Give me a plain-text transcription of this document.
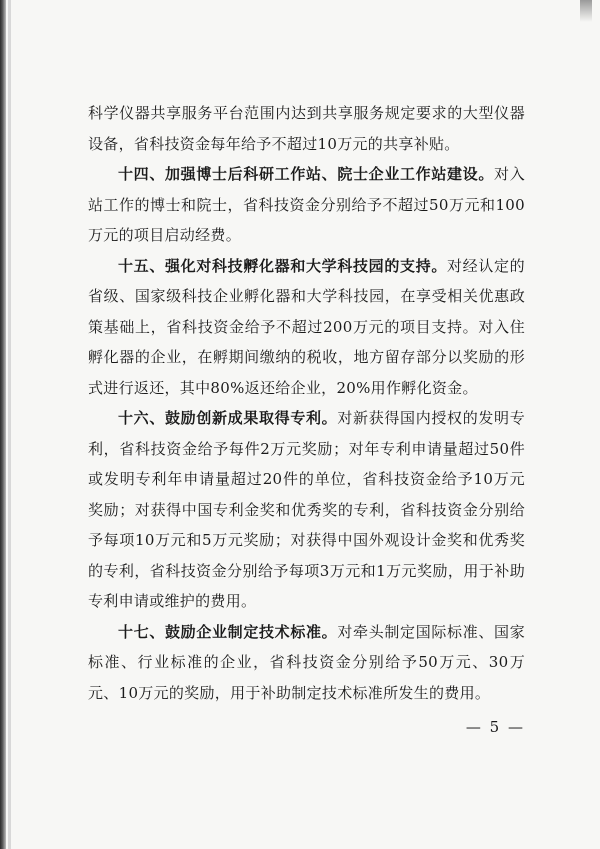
科学仪器共享服务平台范围内达到共享服务规定要求的大型仪器设备，省科技资金每年给予不超过10万元的共享补贴。

十四、加强博士后科研工作站、院士企业工作站建设。对入站工作的博士和院士，省科技资金分别给予不超过50万元和100万元的项目启动经费。

十五、强化对科技孵化器和大学科技园的支持。对经认定的省级、国家级科技企业孵化器和大学科技园，在享受相关优惠政策基础上，省科技资金给予不超过200万元的项目支持。对入住孵化器的企业，在孵期间缴纳的税收，地方留存部分以奖励的形式进行返还，其中80%返还给企业，20%用作孵化资金。

十六、鼓励创新成果取得专利。对新获得国内授权的发明专利，省科技资金给予每件2万元奖励；对年专利申请量超过50件或发明专利年申请量超过20件的单位，省科技资金给予10万元奖励；对获得中国专利金奖和优秀奖的专利，省科技资金分别给予每项10万元和5万元奖励；对获得中国外观设计金奖和优秀奖的专利，省科技资金分别给予每项3万元和1万元奖励，用于补助专利申请或维护的费用。

十七、鼓励企业制定技术标准。对牵头制定国际标准、国家标准、行业标准的企业，省科技资金分别给予50万元、30万元、10万元的奖励，用于补助制定技术标准所发生的费用。

— 5 —
